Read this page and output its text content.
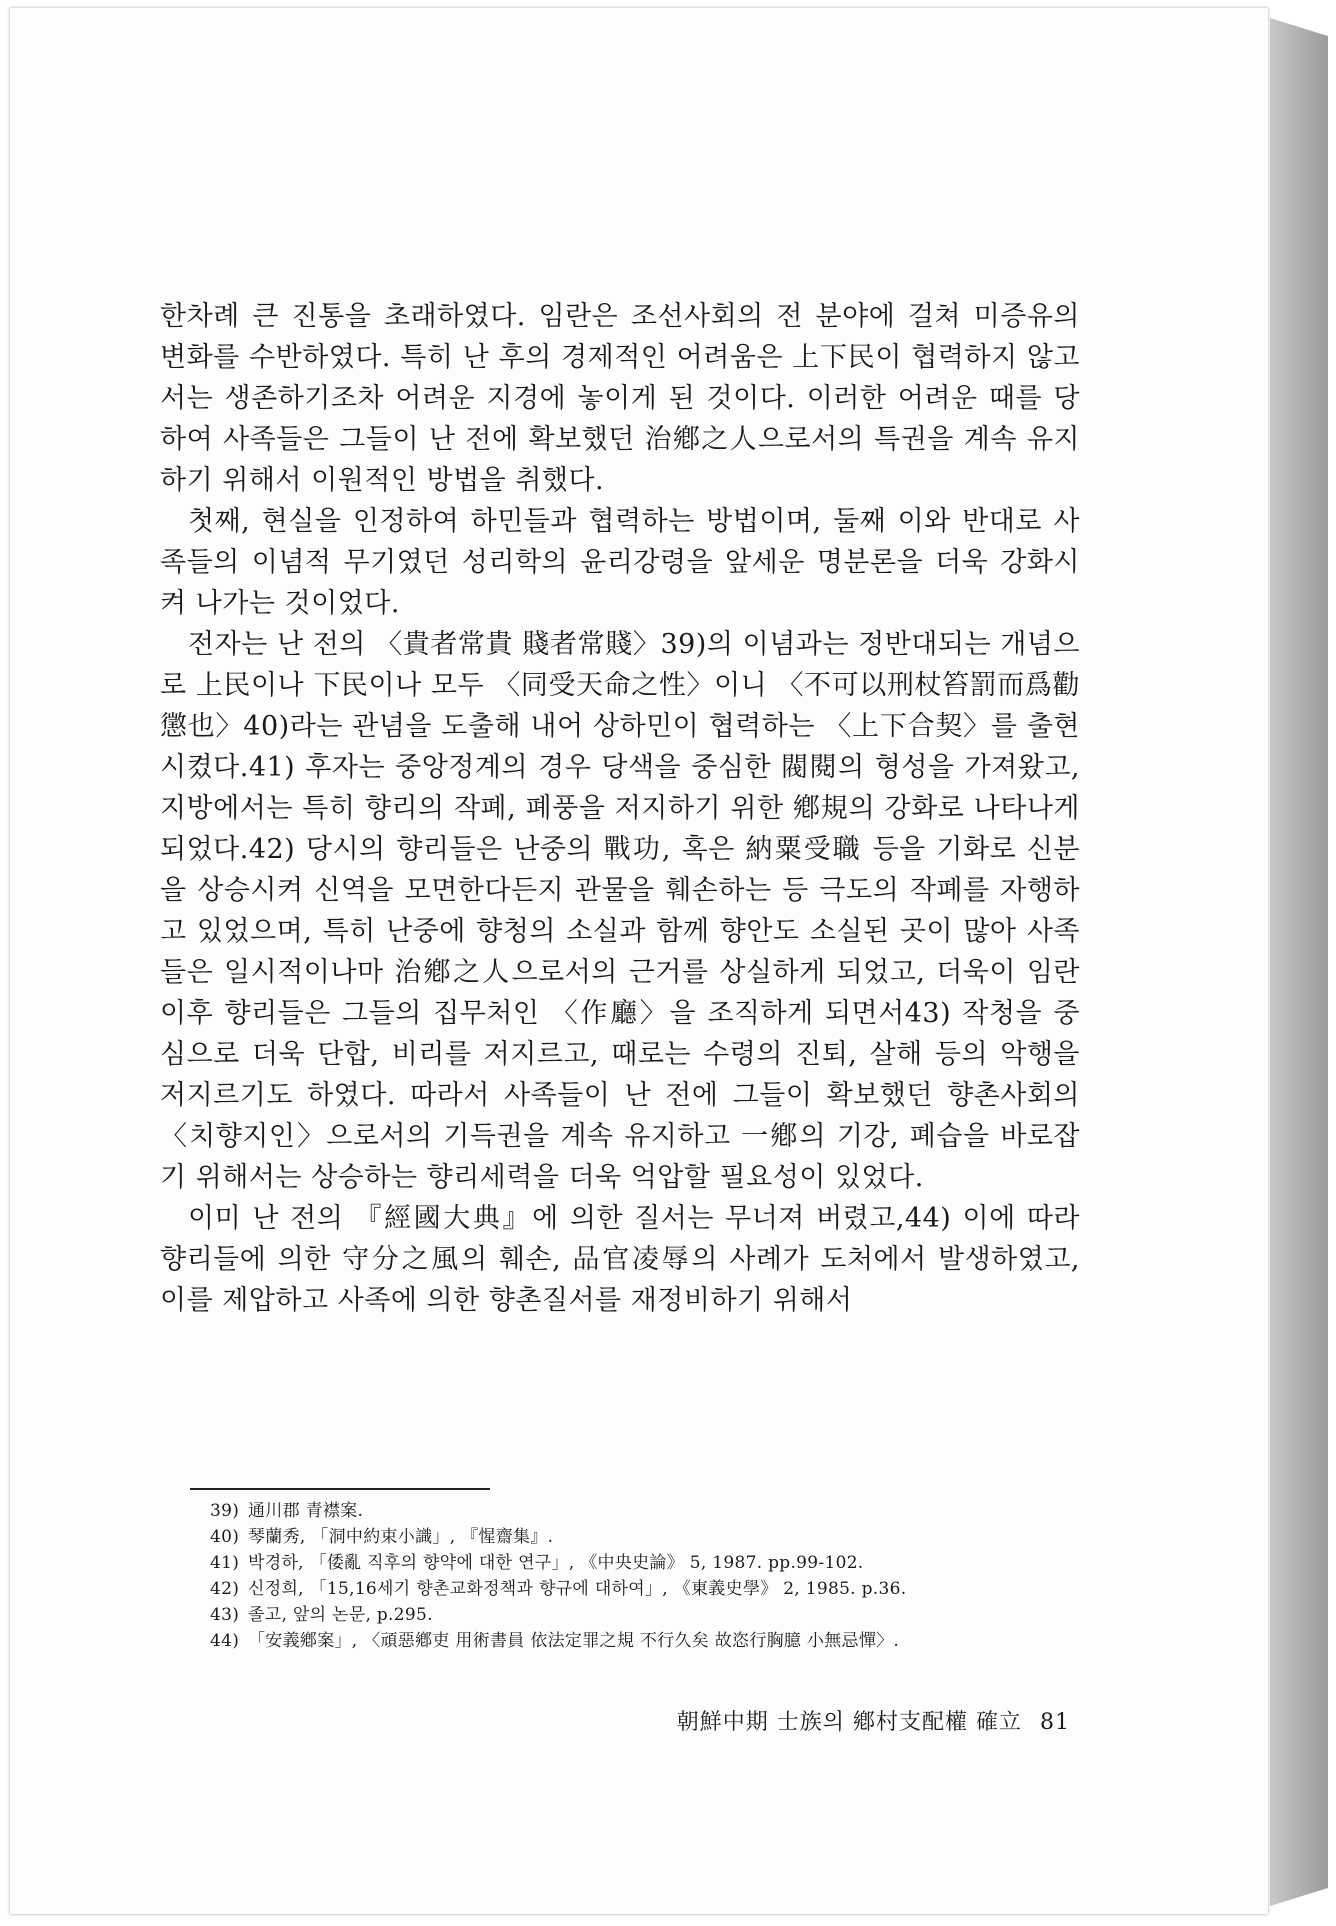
한차례 큰 진통을 초래하였다. 임란은 조선사회의 전 분야에 걸쳐 미증유의 변화를 수반하였다. 특히 난 후의 경제적인 어려움은 上下民이 협력하지 않고서는 생존하기조차 어려운 지경에 놓이게 된 것이다. 이러한 어려운 때를 당하여 사족들은 그들이 난 전에 확보했던 治鄕之人으로서의 특권을 계속 유지하기 위해서 이원적인 방법을 취했다.

첫째, 현실을 인정하여 하민들과 협력하는 방법이며, 둘째 이와 반대로 사족들의 이념적 무기였던 성리학의 윤리강령을 앞세운 명분론을 더욱 강화시켜 나가는 것이었다.

전자는 난 전의 〈貴者常貴 賤者常賤〉39)의 이념과는 정반대되는 개념으로 上民이나 下民이나 모두 〈同受天命之性〉이니 〈不可以刑杖笞罰而爲勸懲也〉40)라는 관념을 도출해 내어 상하민이 협력하는 〈上下合契〉를 출현시켰다.41) 후자는 중앙정계의 경우 당색을 중심한 閥閱의 형성을 가져왔고, 지방에서는 특히 향리의 작폐, 폐풍을 저지하기 위한 鄕規의 강화로 나타나게 되었다.42) 당시의 향리들은 난중의 戰功, 혹은 納粟受職 등을 기화로 신분을 상승시켜 신역을 모면한다든지 관물을 훼손하는 등 극도의 작폐를 자행하고 있었으며, 특히 난중에 향청의 소실과 함께 향안도 소실된 곳이 많아 사족들은 일시적이나마 治鄕之人으로서의 근거를 상실하게 되었고, 더욱이 임란 이후 향리들은 그들의 집무처인 〈作廳〉을 조직하게 되면서43) 작청을 중심으로 더욱 단합, 비리를 저지르고, 때로는 수령의 진퇴, 살해 등의 악행을 저지르기도 하였다. 따라서 사족들이 난 전에 그들이 확보했던 향촌사회의 〈치향지인〉으로서의 기득권을 계속 유지하고 一鄕의 기강, 폐습을 바로잡기 위해서는 상승하는 향리세력을 더욱 억압할 필요성이 있었다.

이미 난 전의 『經國大典』에 의한 질서는 무너져 버렸고,44) 이에 따라 향리들에 의한 守分之風의 훼손, 品官凌辱의 사례가 도처에서 발생하였고, 이를 제압하고 사족에 의한 향촌질서를 재정비하기 위해서

39) 通川郡 青襟案.
40) 琴蘭秀, 「洞中約束小識」, 『惺齋集』.
41) 박경하, 「倭亂 직후의 향약에 대한 연구」, 《中央史論》 5, 1987. pp.99-102.
42) 신정희, 「15,16세기 향촌교화정책과 향규에 대하여」, 《東義史學》 2, 1985. p.36.
43) 졸고, 앞의 논문, p.295.
44) 「安義鄕案」, 〈頑惡鄕吏 用術書員 依法定罪之規 不行久矣 故恣行胸臆 小無忌憚〉.
朝鮮中期 士族의 鄕村支配權 確立 81
